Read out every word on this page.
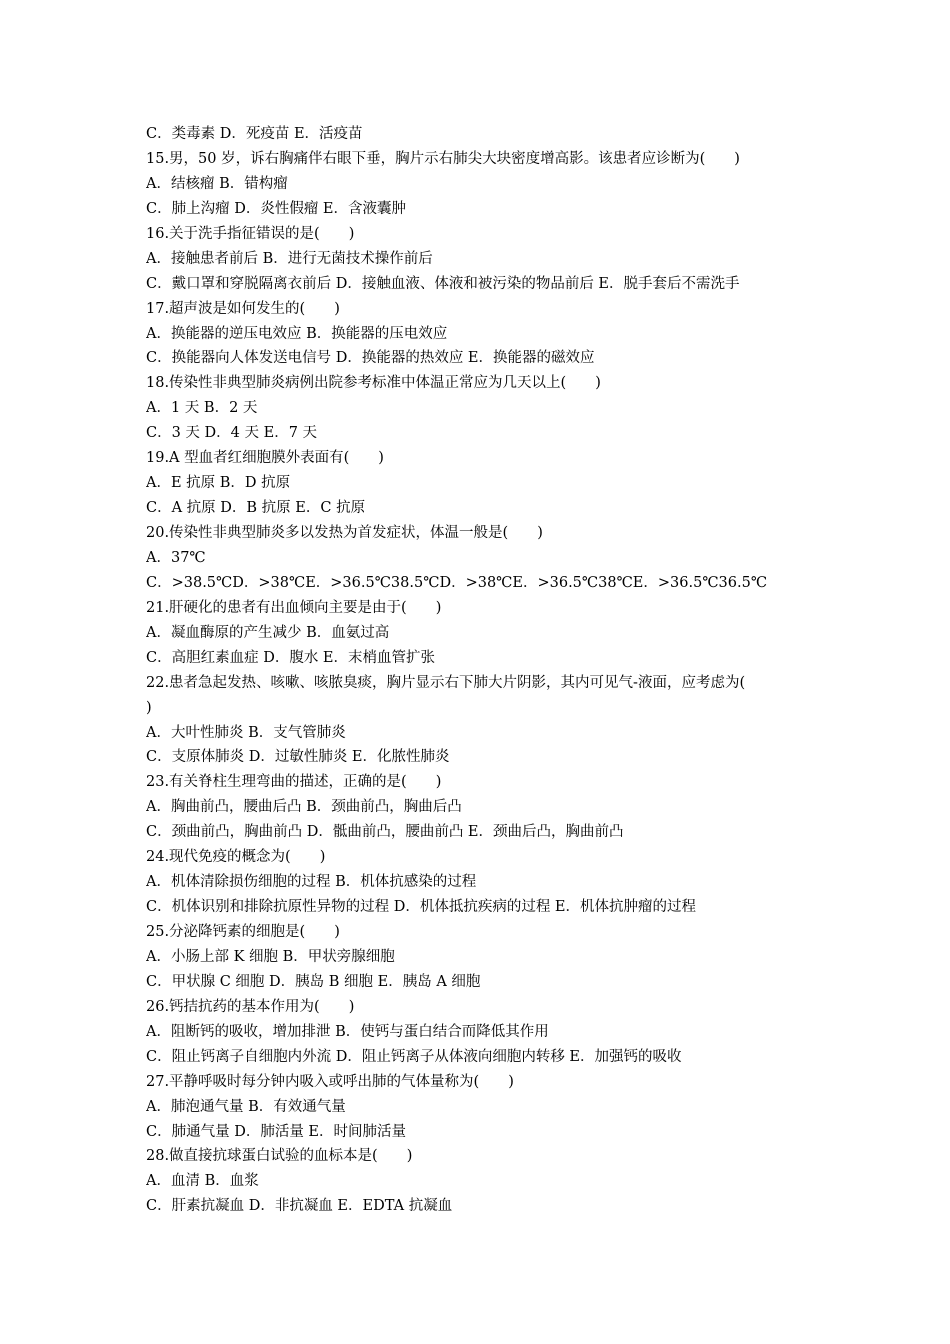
C．类毒素 D．死疫苗 E．活疫苗
15.男，50 岁，诉右胸痛伴右眼下垂，胸片示右肺尖大块密度增高影。该患者应诊断为(　　)
A．结核瘤 B．错构瘤
C．肺上沟瘤 D．炎性假瘤 E．含液囊肿
16.关于洗手指征错误的是(　　)
A．接触患者前后 B．进行无菌技术操作前后
C．戴口罩和穿脱隔离衣前后 D．接触血液、体液和被污染的物品前后 E．脱手套后不需洗手
17.超声波是如何发生的(　　)
A．换能器的逆压电效应 B．换能器的压电效应
C．换能器向人体发送电信号 D．换能器的热效应 E．换能器的磁效应
18.传染性非典型肺炎病例出院参考标准中体温正常应为几天以上(　　)
A．1 天 B．2 天
C．3 天 D．4 天 E．7 天
19.A 型血者红细胞膜外表面有(　　)
A．E 抗原 B．D 抗原
C．A 抗原 D．B 抗原 E．C 抗原
20.传染性非典型肺炎多以发热为首发症状，体温一般是(　　)
A．37℃
C．>38.5℃D．>38℃E．>36.5℃38.5℃D．>38℃E．>36.5℃38℃E．>36.5℃36.5℃
21.肝硬化的患者有出血倾向主要是由于(　　)
A．凝血酶原的产生减少 B．血氨过高
C．高胆红素血症 D．腹水 E．末梢血管扩张
22.患者急起发热、咳嗽、咳脓臭痰，胸片显示右下肺大片阴影，其内可见气-液面，应考虑为(
)
A．大叶性肺炎 B．支气管肺炎
C．支原体肺炎 D．过敏性肺炎 E．化脓性肺炎
23.有关脊柱生理弯曲的描述，正确的是(　　)
A．胸曲前凸，腰曲后凸 B．颈曲前凸，胸曲后凸
C．颈曲前凸，胸曲前凸 D．骶曲前凸，腰曲前凸 E．颈曲后凸，胸曲前凸
24.现代免疫的概念为(　　)
A．机体清除损伤细胞的过程 B．机体抗感染的过程
C．机体识别和排除抗原性异物的过程 D．机体抵抗疾病的过程 E．机体抗肿瘤的过程
25.分泌降钙素的细胞是(　　)
A．小肠上部 K 细胞 B．甲状旁腺细胞
C．甲状腺 C 细胞 D．胰岛 B 细胞 E．胰岛 A 细胞
26.钙拮抗药的基本作用为(　　)
A．阻断钙的吸收，增加排泄 B．使钙与蛋白结合而降低其作用
C．阻止钙离子自细胞内外流 D．阻止钙离子从体液向细胞内转移 E．加强钙的吸收
27.平静呼吸时每分钟内吸入或呼出肺的气体量称为(　　)
A．肺泡通气量 B．有效通气量
C．肺通气量 D．肺活量 E．时间肺活量
28.做直接抗球蛋白试验的血标本是(　　)
A．血清 B．血浆
C．肝素抗凝血 D．非抗凝血 E．EDTA 抗凝血
